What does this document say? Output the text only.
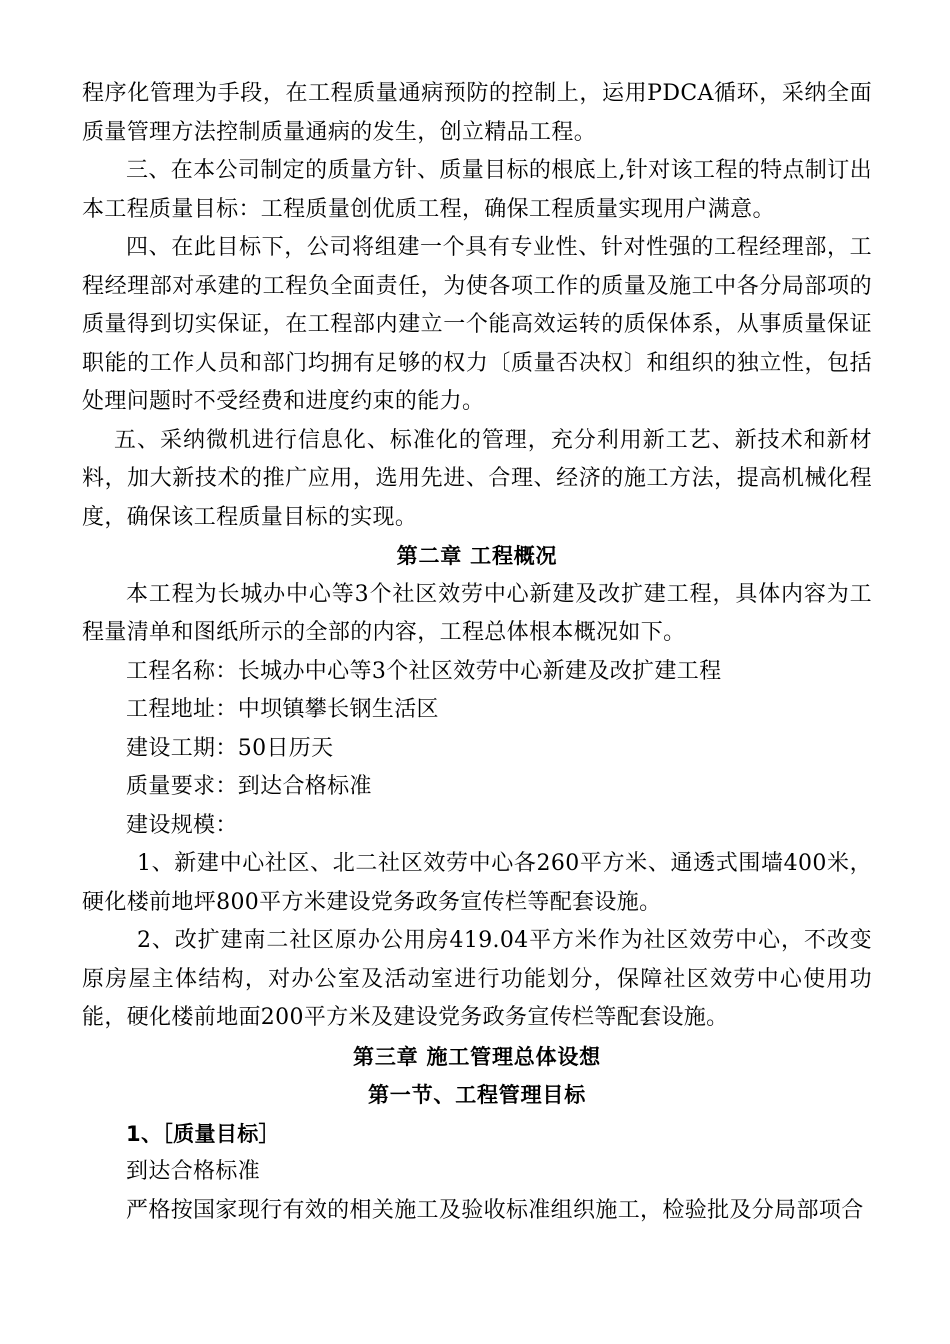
程序化管理为手段，在工程质量通病预防的控制上，运用PDCA循环，采纳全面质量管理方法控制质量通病的发生，创立精品工程。

三、在本公司制定的质量方针、质量目标的根底上,针对该工程的特点制订出本工程质量目标：工程质量创优质工程，确保工程质量实现用户满意。

四、在此目标下，公司将组建一个具有专业性、针对性强的工程经理部，工程经理部对承建的工程负全面责任，为使各项工作的质量及施工中各分局部项的质量得到切实保证，在工程部内建立一个能高效运转的质保体系，从事质量保证职能的工作人员和部门均拥有足够的权力〔质量否决权〕和组织的独立性，包括处理问题时不受经费和进度约束的能力。

五、采纳微机进行信息化、标准化的管理，充分利用新工艺、新技术和新材料，加大新技术的推广应用，选用先进、合理、经济的施工方法，提高机械化程度，确保该工程质量目标的实现。

第二章 工程概况

本工程为长城办中心等3个社区效劳中心新建及改扩建工程，具体内容为工程量清单和图纸所示的全部的内容，工程总体根本概况如下。

工程名称：长城办中心等3个社区效劳中心新建及改扩建工程

工程地址：中坝镇攀长钢生活区

建设工期：50日历天

质量要求：到达合格标准

建设规模：

1、新建中心社区、北二社区效劳中心各260平方米、通透式围墙400米，硬化楼前地坪800平方米建设党务政务宣传栏等配套设施。

2、改扩建南二社区原办公用房419.04平方米作为社区效劳中心，不改变原房屋主体结构，对办公室及活动室进行功能划分，保障社区效劳中心使用功能，硬化楼前地面200平方米及建设党务政务宣传栏等配套设施。

第三章 施工管理总体设想
第一节、工程管理目标

1、［质量目标］

到达合格标准

严格按国家现行有效的相关施工及验收标准组织施工，检验批及分局部项合
